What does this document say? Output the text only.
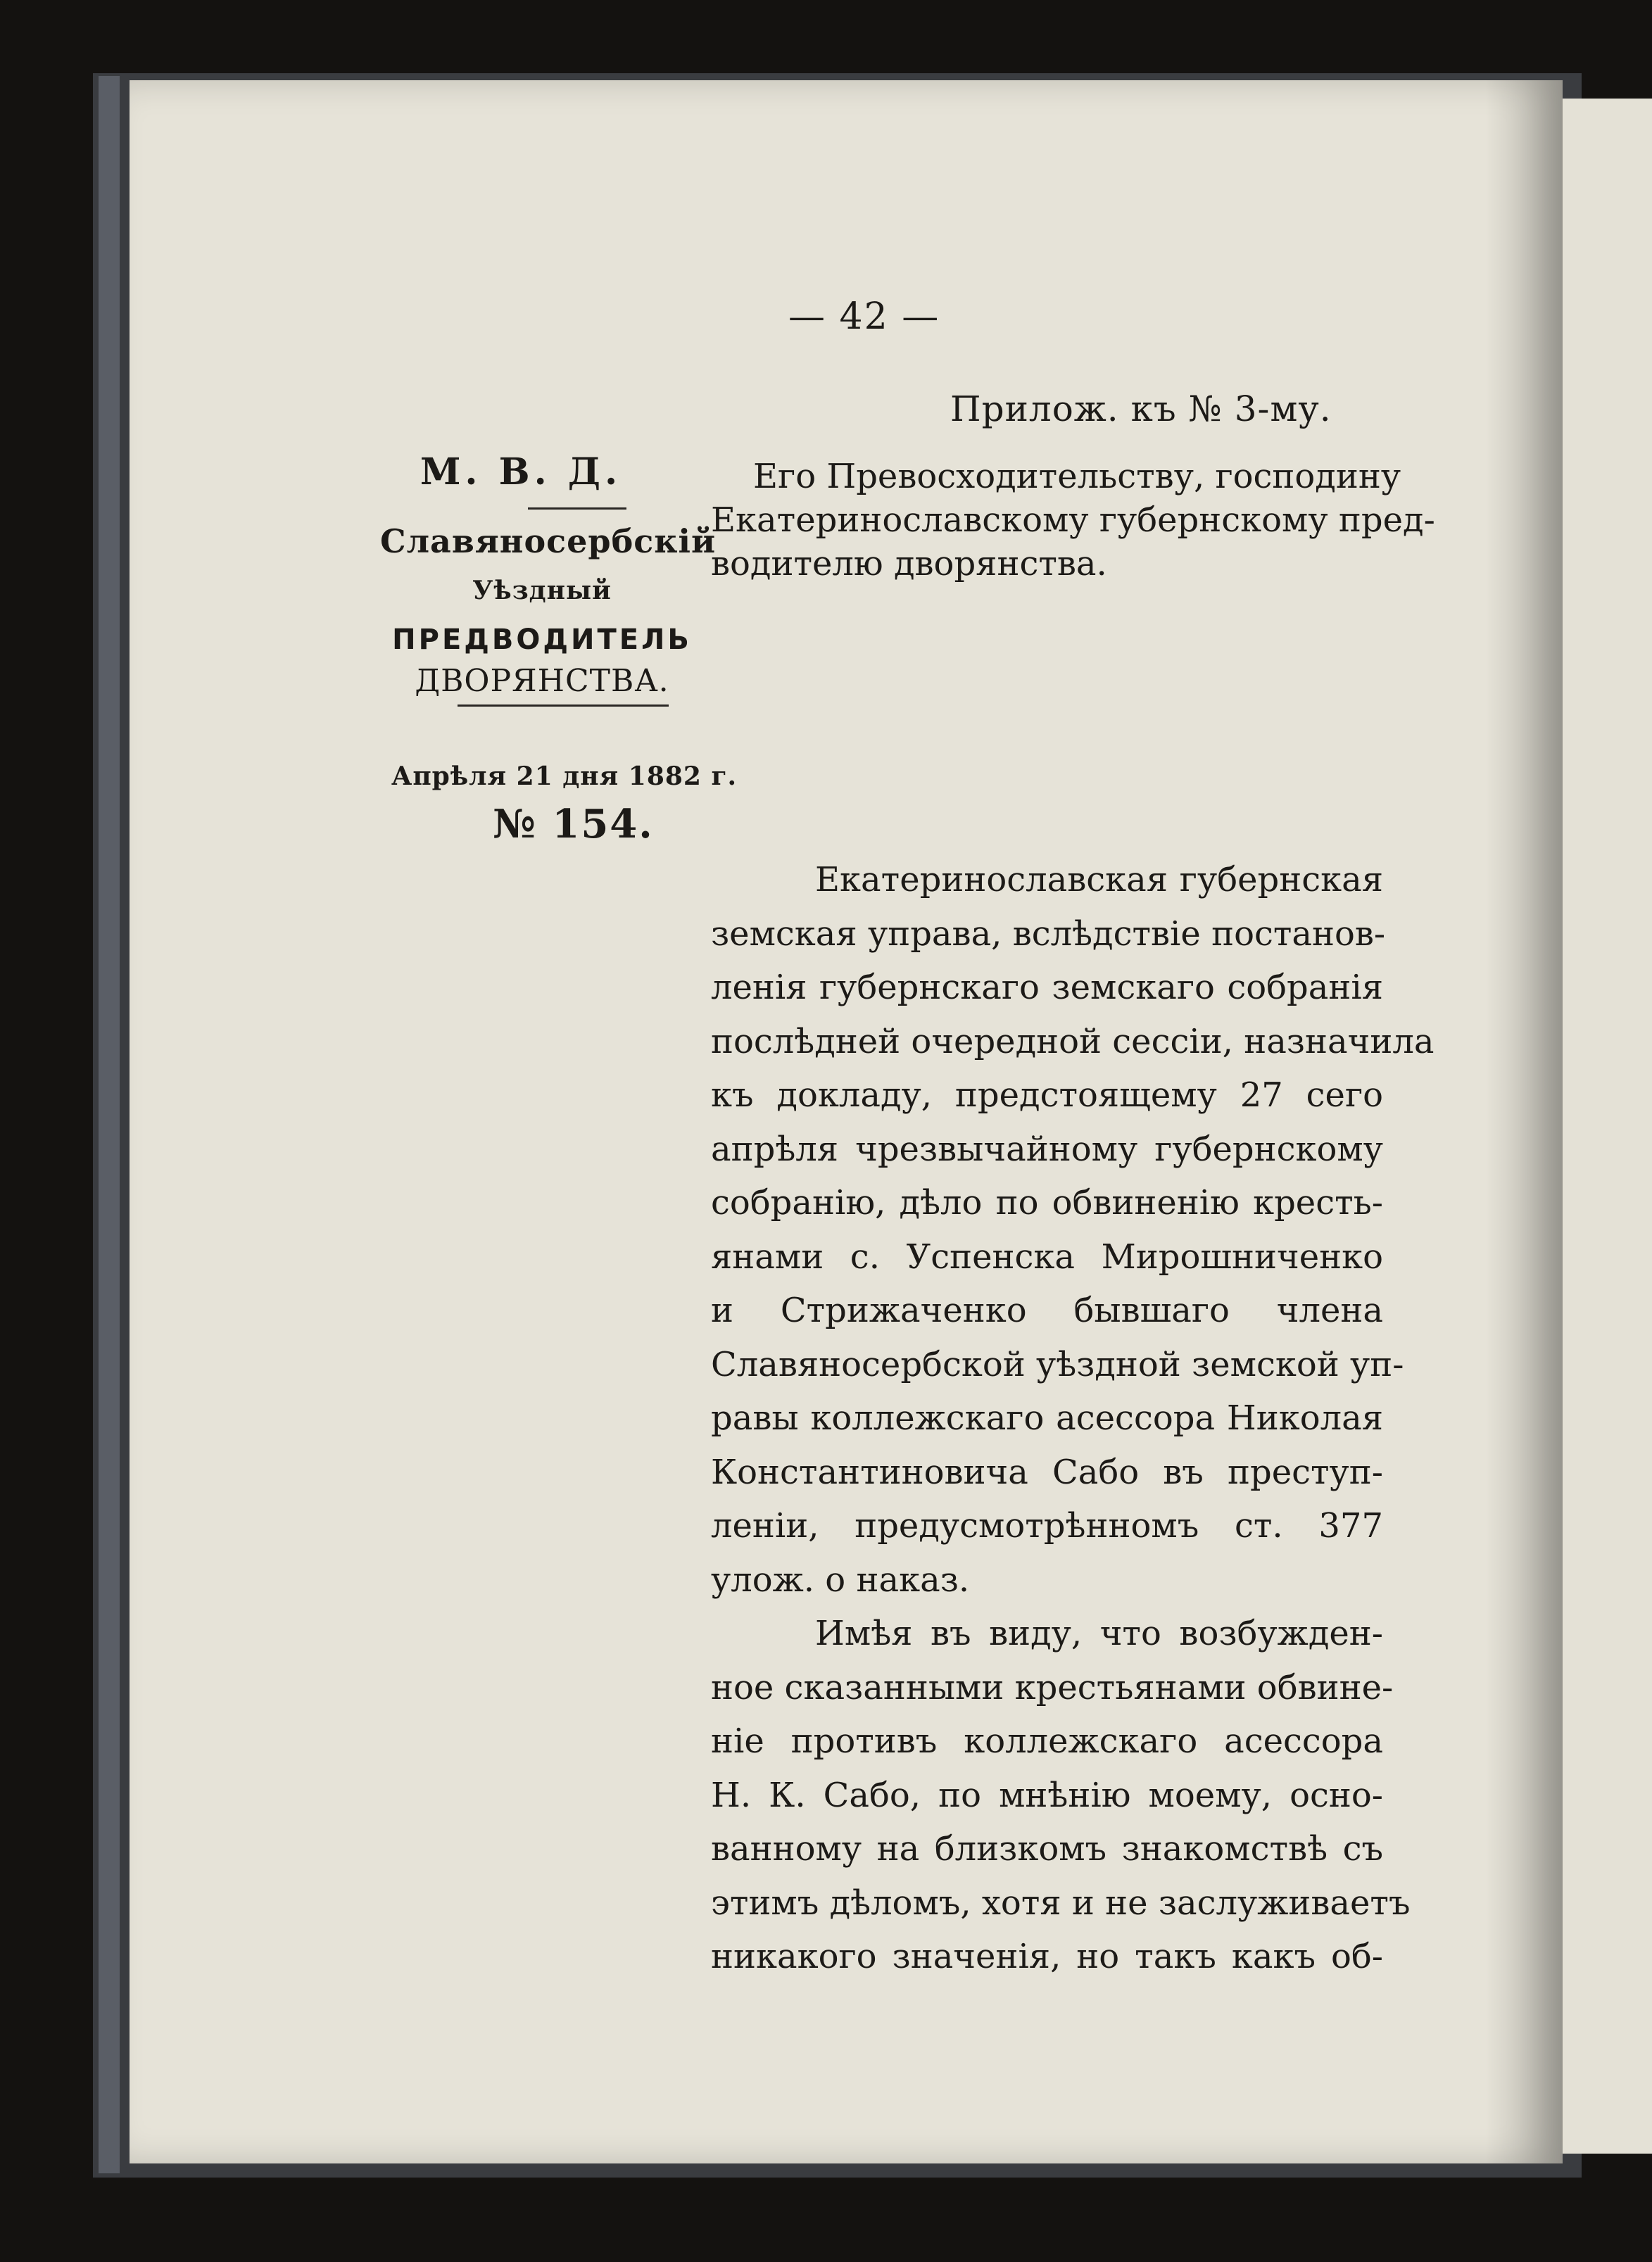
— 42 —
Прилож. къ № 3-му.
М. В. Д.
Славяносербскій
Уѣздный
ПРЕДВОДИТЕЛЬ
ДВОРЯНСТВА.
Апрѣля 21 дня 1882 г.
№ 154.
Его Превосходительству, господину
Екатеринославскому губернскому пред-
водителю дворянства.
Екатеринославская губернская
земская управа, вслѣдствіе постанов-
ленія губернскаго земскаго собранія
послѣдней очередной сессіи, назначила
къ докладу, предстоящему 27 сего
апрѣля чрезвычайному губернскому
собранію, дѣло по обвиненію кресть-
янами с. Успенска Мирошниченко
и Стрижаченко бывшаго члена
Славяносербской уѣздной земской уп-
равы коллежскаго асессора Николая
Константиновича Сабо въ преступ-
леніи, предусмотрѣнномъ ст. 377
улож. о наказ.
Имѣя въ виду, что возбужден-
ное сказанными крестьянами обвине-
ніе противъ коллежскаго асессора
Н. К. Сабо, по мнѣнію моему, осно-
ванному на близкомъ знакомствѣ съ
этимъ дѣломъ, хотя и не заслуживаетъ
никакого значенія, но такъ какъ об-
